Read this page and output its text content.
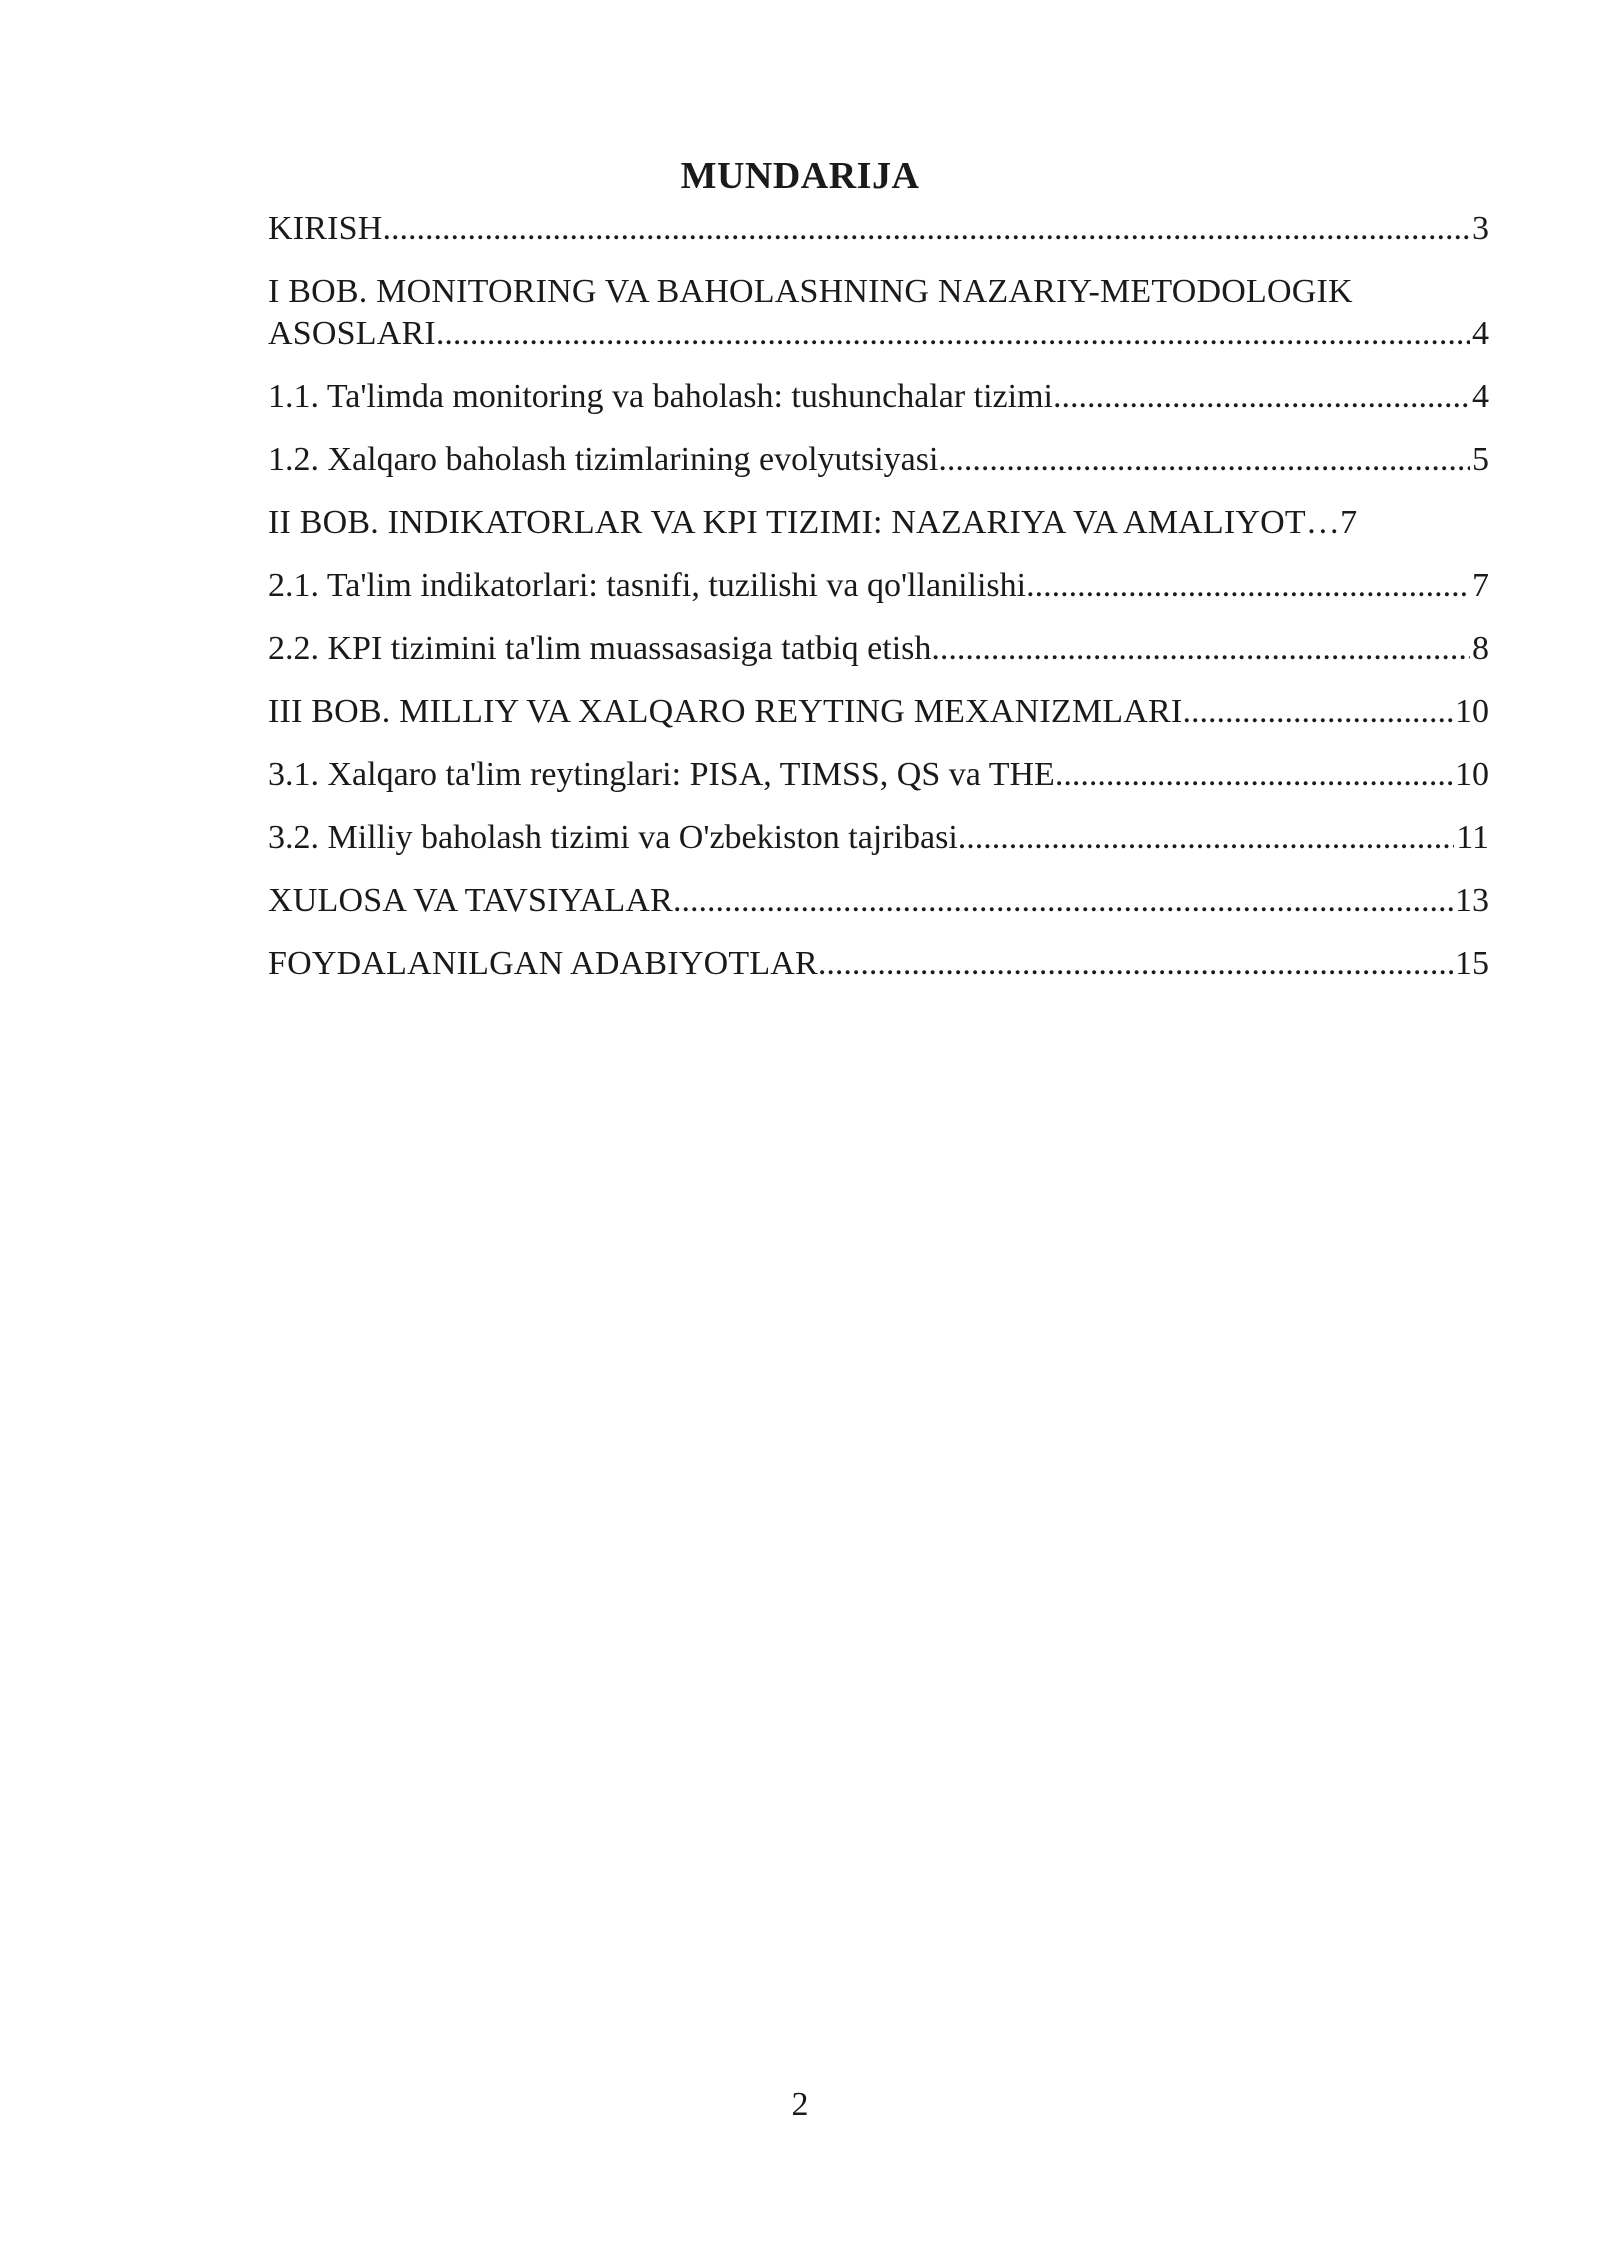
MUNDARIJA
KIRISH .....	3
I BOB. MONITORING VA BAHOLASHNING NAZARIY-METODOLOGIK
ASOSLARI .....	4
1.1. Ta'limda monitoring va baholash: tushunchalar tizimi .....	4
1.2. Xalqaro baholash tizimlarining evolyutsiyasi .....	5
II BOB. INDIKATORLAR VA KPI TIZIMI: NAZARIYA VA AMALIYOT … 7
2.1. Ta'lim indikatorlari: tasnifi, tuzilishi va qo'llanilishi .....	7
2.2. KPI tizimini ta'lim muassasasiga tatbiq etish .....	8
III BOB. MILLIY VA XALQARO REYTING MEXANIZMLARI .....	10
3.1. Xalqaro ta'lim reytinglari: PISA, TIMSS, QS va THE .....	10
3.2. Milliy baholash tizimi va O'zbekiston tajribasi .....	11
XULOSA VA TAVSIYALAR .....	13
FOYDALANILGAN ADABIYOTLAR .....	15
2
